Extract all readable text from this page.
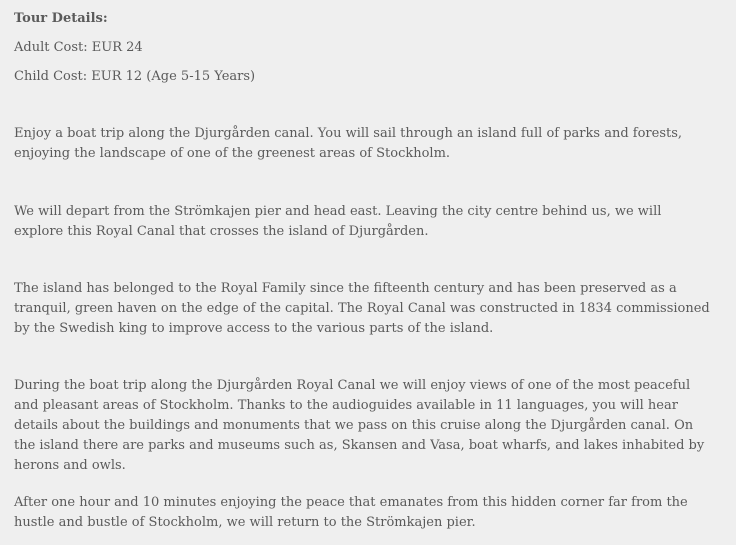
Tour Details:

Adult Cost: EUR 24

Child Cost: EUR 12 (Age 5-15 Years)

Enjoy a boat trip along the Djurgården canal. You will sail through an island full of parks and forests, enjoying the landscape of one of the greenest areas of Stockholm.

We will depart from the Strömkajen pier and head east. Leaving the city centre behind us, we will explore this Royal Canal that crosses the island of Djurgården.

The island has belonged to the Royal Family since the fifteenth century and has been preserved as a tranquil, green haven on the edge of the capital. The Royal Canal was constructed in 1834 commissioned by the Swedish king to improve access to the various parts of the island.

During the boat trip along the Djurgården Royal Canal we will enjoy views of one of the most peaceful and pleasant areas of Stockholm. Thanks to the audioguides available in 11 languages, you will hear details about the buildings and monuments that we pass on this cruise along the Djurgården canal. On the island there are parks and museums such as, Skansen and Vasa, boat wharfs, and lakes inhabited by herons and owls.

After one hour and 10 minutes enjoying the peace that emanates from this hidden corner far from the hustle and bustle of Stockholm, we will return to the Strömkajen pier.
